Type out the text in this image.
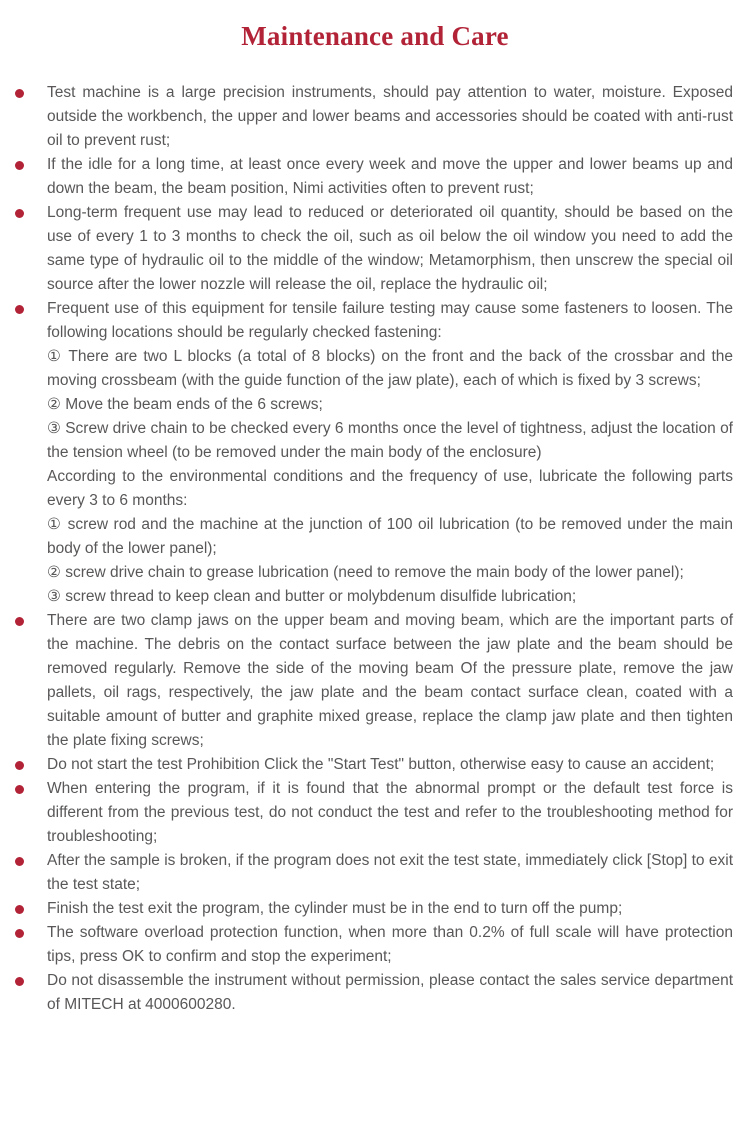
Maintenance and Care
Test machine is a large precision instruments, should pay attention to water, moisture. Exposed outside the workbench, the upper and lower beams and accessories should be coated with anti-rust oil to prevent rust;
If the idle for a long time, at least once every week and move the upper and lower beams up and down the beam, the beam position, Nimi activities often to prevent rust;
Long-term frequent use may lead to reduced or deteriorated oil quantity, should be based on the use of every 1 to 3 months to check the oil, such as oil below the oil window you need to add the same type of hydraulic oil to the middle of the window; Metamorphism, then unscrew the special oil source after the lower nozzle will release the oil, replace the hydraulic oil;
Frequent use of this equipment for tensile failure testing may cause some fasteners to loosen. The following locations should be regularly checked fastening:
① There are two L blocks (a total of 8 blocks) on the front and the back of the crossbar and the moving crossbeam (with the guide function of the jaw plate), each of which is fixed by 3 screws;
② Move the beam ends of the 6 screws;
③ Screw drive chain to be checked every 6 months once the level of tightness, adjust the location of the tension wheel (to be removed under the main body of the enclosure)
According to the environmental conditions and the frequency of use, lubricate the following parts every 3 to 6 months:
① screw rod and the machine at the junction of 100 oil lubrication (to be removed under the main body of the lower panel);
② screw drive chain to grease lubrication (need to remove the main body of the lower panel);
③ screw thread to keep clean and butter or molybdenum disulfide lubrication;
There are two clamp jaws on the upper beam and moving beam, which are the important parts of the machine. The debris on the contact surface between the jaw plate and the beam should be removed regularly. Remove the side of the moving beam Of the pressure plate, remove the jaw pallets, oil rags, respectively, the jaw plate and the beam contact surface clean, coated with a suitable amount of butter and graphite mixed grease, replace the clamp jaw plate and then tighten the plate fixing screws;
Do not start the test Prohibition Click the "Start Test" button, otherwise easy to cause an accident;
When entering the program, if it is found that the abnormal prompt or the default test force is different from the previous test, do not conduct the test and refer to the troubleshooting method for troubleshooting;
After the sample is broken, if the program does not exit the test state, immediately click [Stop] to exit the test state;
Finish the test exit the program, the cylinder must be in the end to turn off the pump;
The software overload protection function, when more than 0.2% of full scale will have protection tips, press OK to confirm and stop the experiment;
Do not disassemble the instrument without permission, please contact the sales service department of MITECH at 4000600280.
